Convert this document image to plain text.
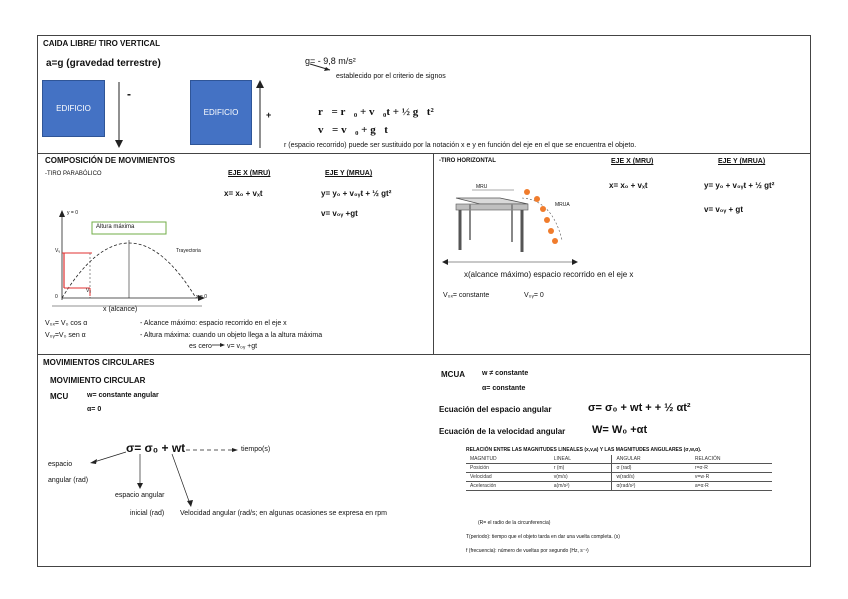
CAIDA LIBRE/ TIRO VERTICAL
a=g (gravedad terrestre)	g= - 9,8 m/s²
establecido por el criterio de signos
EDIFICIO
-
EDIFICIO	+	r⃗= r⃗₀ + v⃗₀t + ½ g⃗t²
v⃗= v⃗₀ + g⃗t
r (espacio recorrido) puede ser sustituido por la notación x e y en función del eje en el que se encuentra el objeto.
COMPOSICIÓN DE MOVIMIENTOS
-TIRO PARABÓLICO	EJE X (MRU)	EJE Y (MRUA)
x= x₀ + vₓt	y= y₀ + v₀ᵧt + ½ gt²
v= v₀ᵧ +gt
y = 0
Altura máxima
Trayectoria
Vᵧ
Vₓ
0	x = 0
x (alcance)
V₀ₓ= V₀ cos α
V₀ᵧ=V₀ sen α
- Alcance máximo: espacio recorrido en el eje x
- Altura máxima: cuando un objeto llega a la altura máxima
es cero v= v₀ᵧ +gt
-TIRO HORIZONTAL	EJE X (MRU)	EJE Y (MRUA)
x= x₀ + vₓt	y= y₀ + v₀ᵧt + ½ gt²
v= v₀ᵧ + gt
MRU
MRUA
x(alcance máximo) espacio recorrido en el eje x
V₀ₓ= constante	V₀ᵧ= 0
MOVIMIENTOS CIRCULARES
MOVIMIENTO CIRCULAR
MCU	w= constante angular
α= 0
σ= σ₀ + wt	tiempo(s)
espacio
angular (rad)
espacio angular
inicial (rad) Velocidad angular (rad/s; en algunas ocasiones se expresa en rpm
MCUA w ≠ constante
α= constante
Ecuación del espacio angular	σ= σ₀ + wt + + ½ αt²
Ecuación de la velocidad angular W= W₀ +αt
RELACIÓN ENTRE LAS MAGNITUDES LINEALES (x,v,a) Y LAS MAGNITUDES ANGULARES (σ,w,α).
MAGNITUD	LINEAL	ANGULAR	RELACIÓN
Posición	r (m)	σ (rad)	r=σ·R
Velocidad	v(m/s)	w(rad/s)	v=w·R
Aceleración	a(m/s²)	α(rad/s²)	a=α·R
(R= el radio de la circunferencia)
T(periodo): tiempo que el objeto tarda en dar una vuelta completa. (s)
f (frecuencia): número de vueltas por segundo (Hz, s⁻¹)
